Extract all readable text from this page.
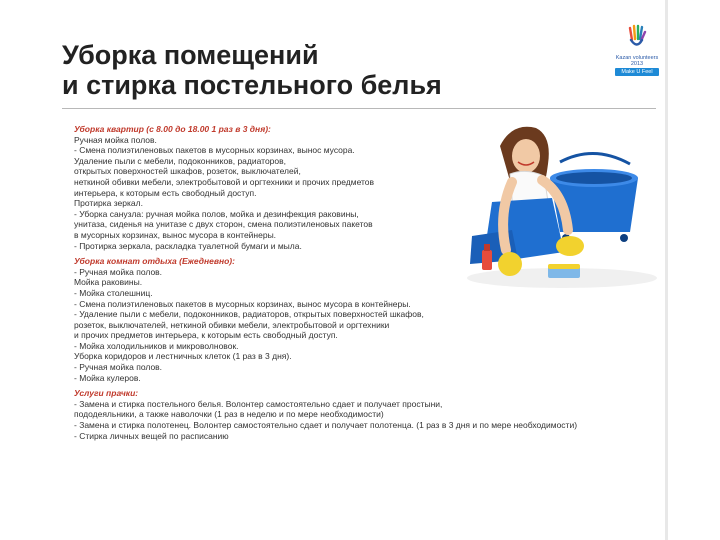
Уборка помещений
и стирка постельного белья
Kazan volunteers
2013
Make U Feel
Уборка квартир (с 8.00 до 18.00 1 раз в 3 дня):
Ручная мойка полов.
- Смена полиэтиленовых пакетов в мусорных корзинах, вынос мусора.
Удаление пыли с мебели, подоконников, радиаторов,
открытых поверхностей шкафов, розеток, выключателей,
неткиной обивки мебели, электробытовой и оргтехники и прочих предметов
интерьера, к которым есть свободный доступ.
Протирка зеркал.
- Уборка санузла: ручная мойка полов, мойка и дезинфекция раковины,
унитаза, сиденья на унитазе с двух сторон, смена полиэтиленовых пакетов
в мусорных корзинах, вынос мусора в контейнеры.
- Протирка зеркала, раскладка туалетной бумаги и мыла.
Уборка комнат отдыха (Ежедневно):
- Ручная мойка полов.
Мойка раковины.
- Мойка столешниц.
- Смена полиэтиленовых пакетов в мусорных корзинах, вынос мусора в контейнеры.
- Удаление пыли с мебели, подоконников, радиаторов, открытых поверхностей шкафов,
розеток, выключателей, неткиной обивки мебели, электробытовой и оргтехники
и прочих предметов интерьера, к которым есть свободный доступ.
- Мойка холодильников и микроволновок.
Уборка коридоров и лестничных клеток (1 раз в 3 дня).
- Ручная мойка полов.
- Мойка кулеров.
Услуги прачки:
- Замена и стирка постельного белья. Волонтер самостоятельно сдает и получает простыни,
пододеяльники, а также наволочки (1 раз в неделю и по мере необходимости)
- Замена и стирка полотенец. Волонтер самостоятельно сдает и получает полотенца. (1 раз в 3 дня и по мере необходимости)
- Стирка личных вещей по расписанию
